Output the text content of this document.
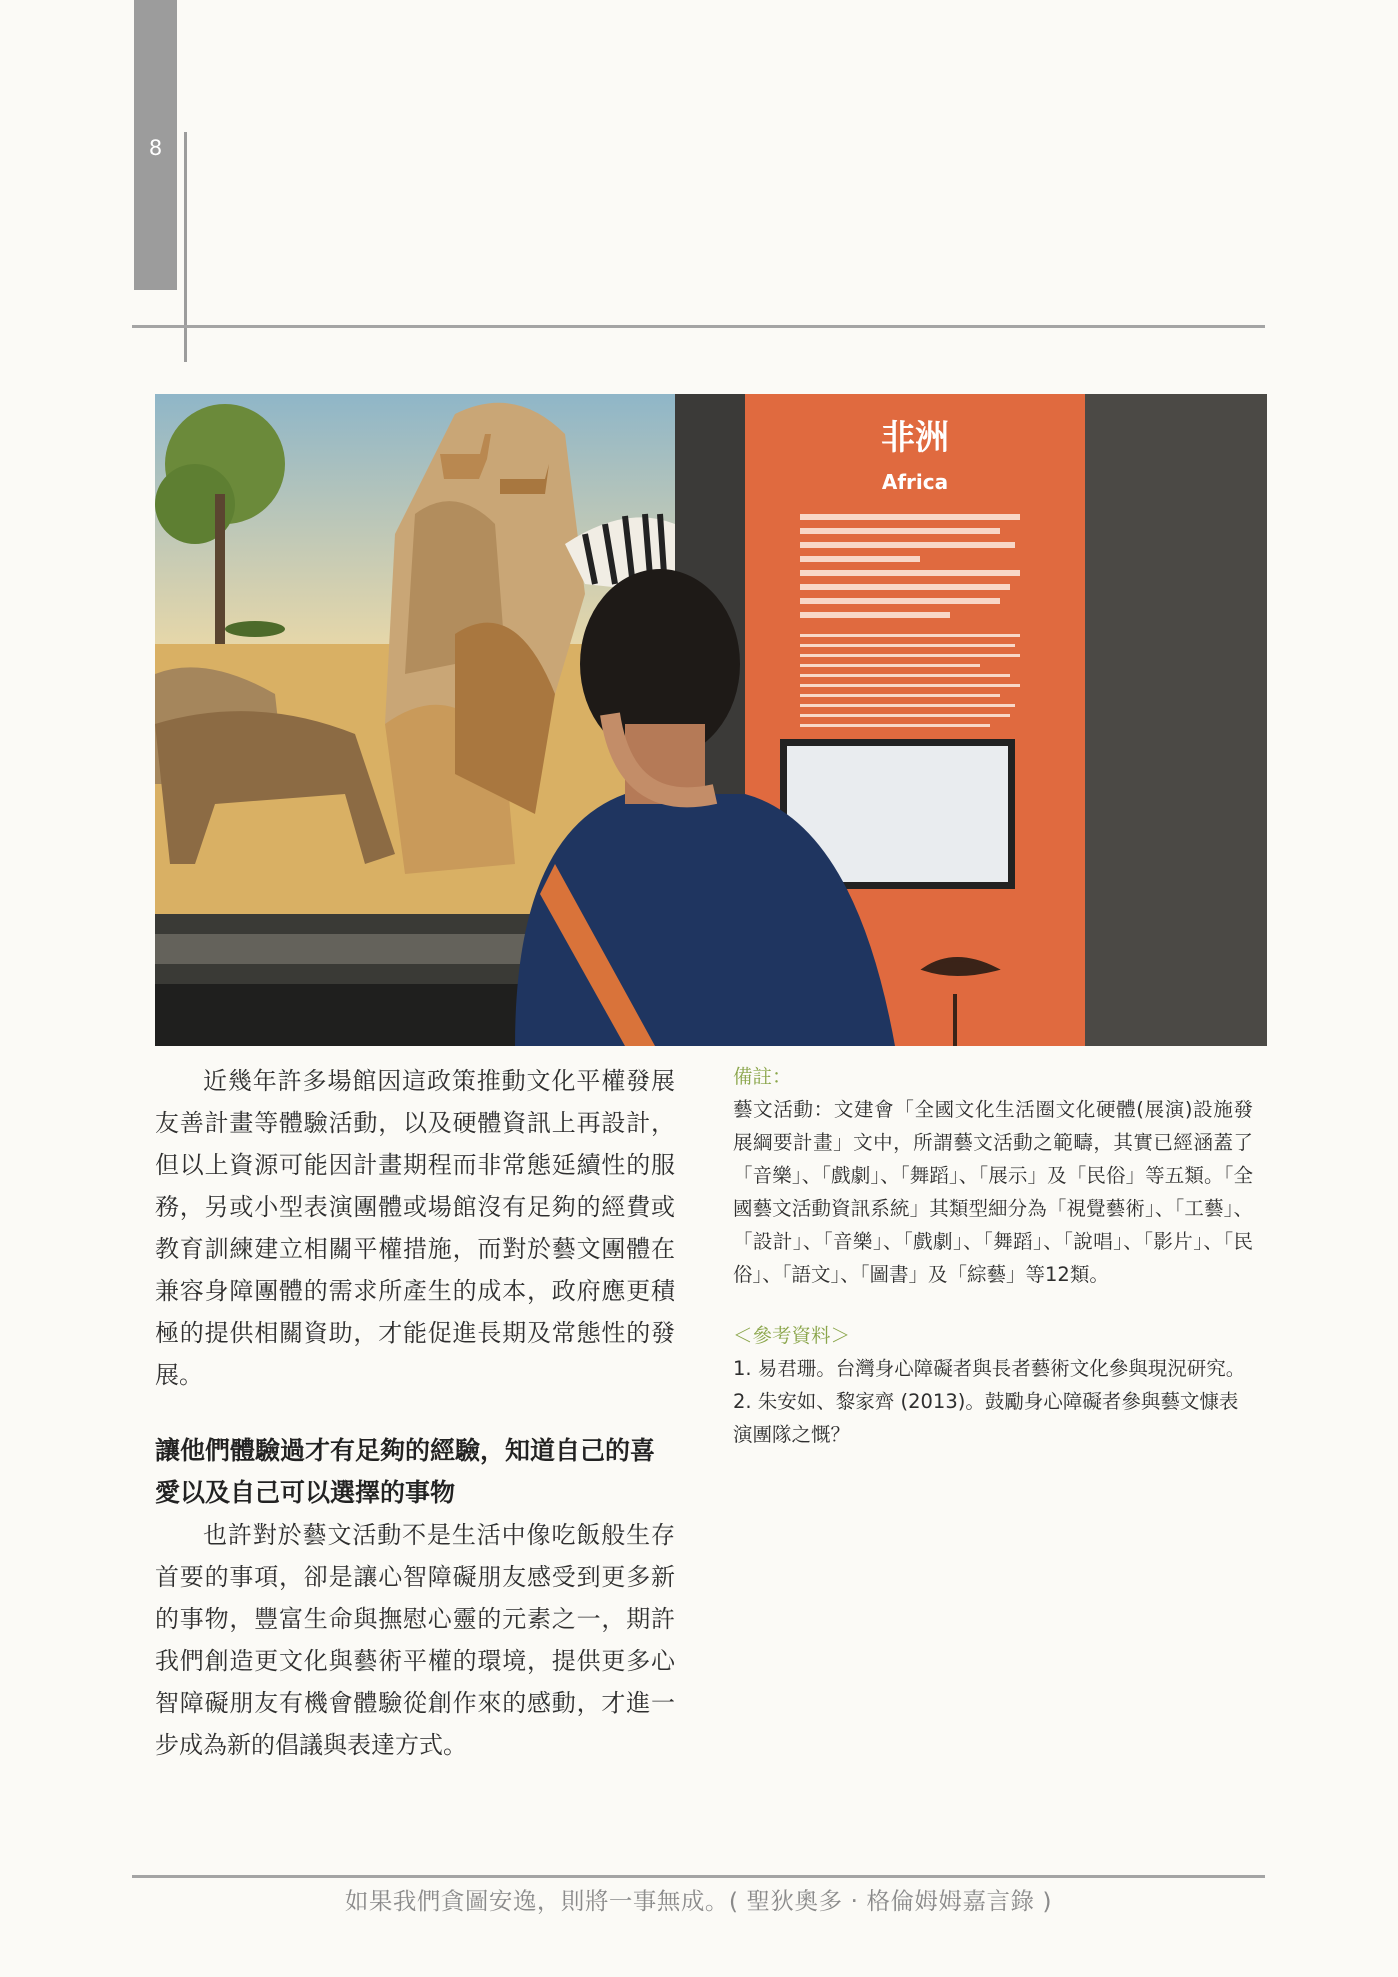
8
非洲
Africa

近幾年許多場館因這政策推動文化平權發展友善計畫等體驗活動，以及硬體資訊上再設計，但以上資源可能因計畫期程而非常態延續性的服務，另或小型表演團體或場館沒有足夠的經費或教育訓練建立相關平權措施，而對於藝文團體在兼容身障團體的需求所產生的成本，政府應更積極的提供相關資助，才能促進長期及常態性的發展。

讓他們體驗過才有足夠的經驗，知道自己的喜愛以及自己可以選擇的事物

也許對於藝文活動不是生活中像吃飯般生存首要的事項，卻是讓心智障礙朋友感受到更多新的事物，豐富生命與撫慰心靈的元素之一，期許我們創造更文化與藝術平權的環境，提供更多心智障礙朋友有機會體驗從創作來的感動，才進一步成為新的倡議與表達方式。

備註：

藝文活動：文建會「全國文化生活圈文化硬體(展演)設施發展綱要計畫」文中，所謂藝文活動之範疇，其實已經涵蓋了「音樂」、「戲劇」、「舞蹈」、「展示」及「民俗」等五類。「全國藝文活動資訊系統」其類型細分為「視覺藝術」、「工藝」、「設計」、「音樂」、「戲劇」、「舞蹈」、「說唱」、「影片」、「民俗」、「語文」、「圖書」及「綜藝」等12類。

＜參考資料＞

1. 易君珊。台灣身心障礙者與長者藝術文化參與現況研究。
2. 朱安如、黎家齊 (2013)。鼓勵身心障礙者參與藝文慷表演團隊之慨？
如果我們貪圖安逸，則將一事無成。( 聖狄奧多 ‧ 格倫姆姆嘉言錄 )
